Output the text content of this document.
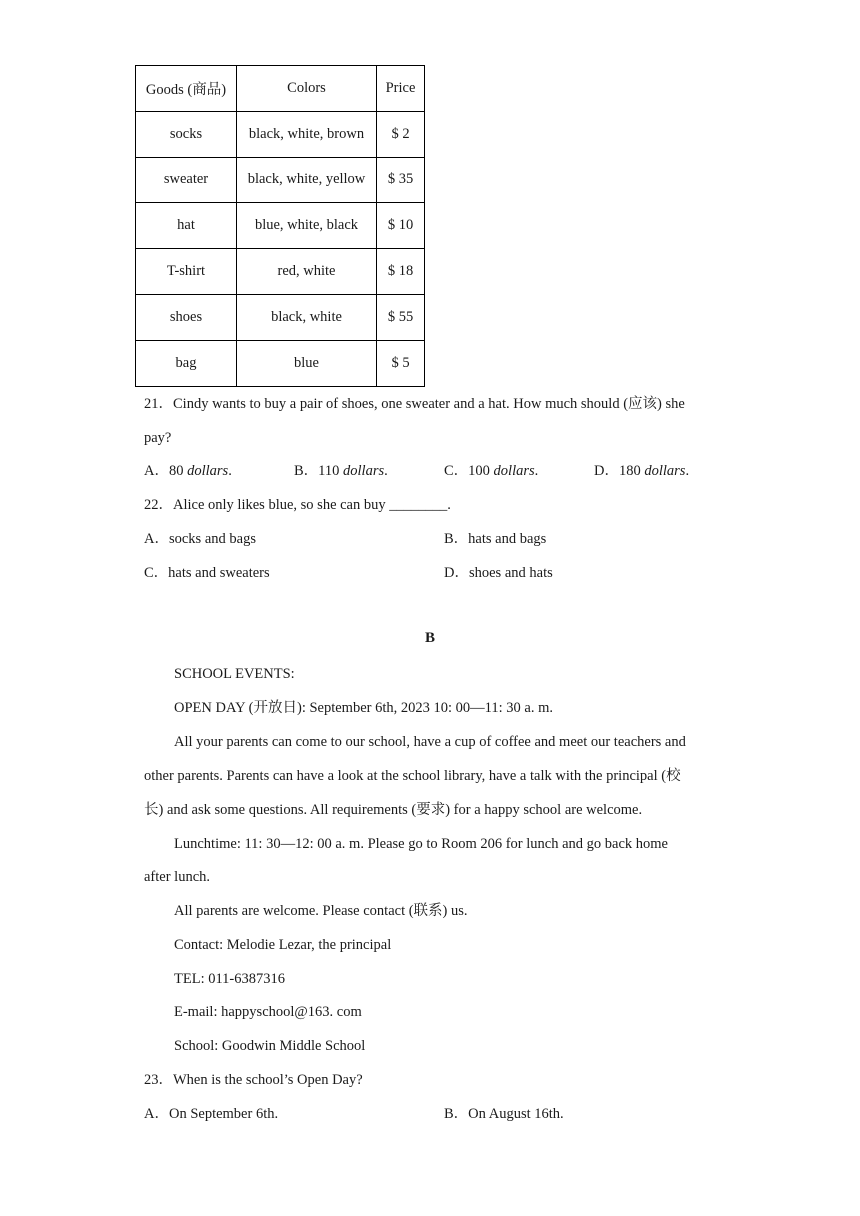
Goods (商品)	Colors	Price
socks	black, white, brown	$ 2
sweater	black, white, yellow	$ 35
hat	blue, white, black	$ 10
T-shirt	red, white	$ 18
shoes	black, white	$ 55
bag	blue	$ 5
21．Cindy wants to buy a pair of shoes, one sweater and a hat. How much should (应该) she
pay?
A．80 dollars.	B．110 dollars.	C．100 dollars.	D．180 dollars.
22．Alice only likes blue, so she can buy ________.
A．socks and bags	B．hats and bags
C．hats and sweaters	D．shoes and hats
B
SCHOOL EVENTS:
OPEN DAY (开放日): September 6th, 2023 10: 00—11: 30 a. m.
All your parents can come to our school, have a cup of coffee and meet our teachers and
other parents. Parents can have a look at the school library, have a talk with the principal (校
长) and ask some questions. All requirements (要求) for a happy school are welcome.
Lunchtime: 11: 30—12: 00 a. m. Please go to Room 206 for lunch and go back home
after lunch.
All parents are welcome. Please contact (联系) us.
Contact: Melodie Lezar, the principal
TEL: 011-6387316
E-mail: happyschool@163. com
School: Goodwin Middle School
23．When is the school’s Open Day?
A．On September 6th.	B．On August 16th.
